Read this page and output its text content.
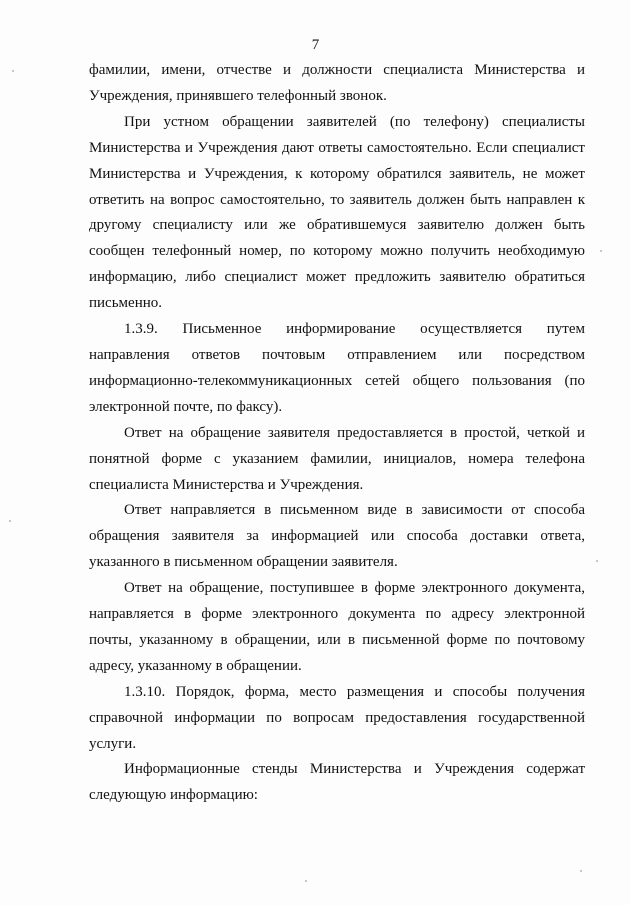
7

фамилии, имени, отчестве и должности специалиста Министерства и Учреждения, принявшего телефонный звонок.

При устном обращении заявителей (по телефону) специалисты Министерства и Учреждения дают ответы самостоятельно. Если специалист Министерства и Учреждения, к которому обратился заявитель, не может ответить на вопрос самостоятельно, то заявитель должен быть направлен к другому специалисту или же обратившемуся заявителю должен быть сообщен телефонный номер, по которому можно получить необходимую информацию, либо специалист может предложить заявителю обратиться письменно.

1.3.9. Письменное информирование осуществляется путем направления ответов почтовым отправлением или посредством информационно-телекоммуникационных сетей общего пользования (по электронной почте, по факсу).

Ответ на обращение заявителя предоставляется в простой, четкой и понятной форме с указанием фамилии, инициалов, номера телефона специалиста Министерства и Учреждения.

Ответ направляется в письменном виде в зависимости от способа обращения заявителя за информацией или способа доставки ответа, указанного в письменном обращении заявителя.

Ответ на обращение, поступившее в форме электронного документа, направляется в форме электронного документа по адресу электронной почты, указанному в обращении, или в письменной форме по почтовому адресу, указанному в обращении.

1.3.10. Порядок, форма, место размещения и способы получения справочной информации по вопросам предоставления государственной услуги.

Информационные стенды Министерства и Учреждения содержат следующую информацию:
